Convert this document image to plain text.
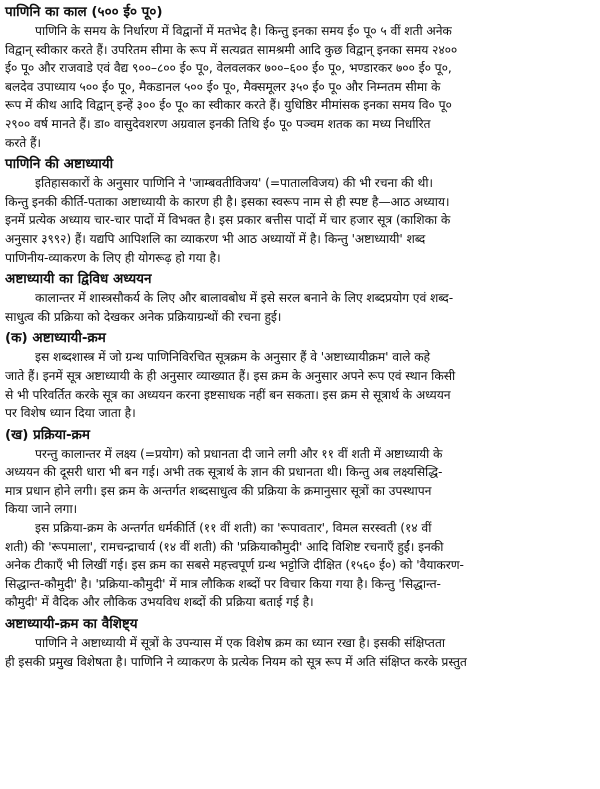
पाणिनि का काल (५०० ई० पू०)

पाणिनि के समय के निर्धारण में विद्वानों में मतभेद है। किन्तु इनका समय ई० पू० ५ वीं शती अनेक
विद्वान् स्वीकार करते हैं। उपरितम सीमा के रूप में सत्यव्रत सामश्रमी आदि कुछ विद्वान् इनका समय २४००
ई० पू० और राजवाडे एवं वैद्य ९००–८०० ई० पू०, वेलवलकर ७००–६०० ई० पू०, भण्डारकर ७०० ई० पू०,
बलदेव उपाध्याय ५०० ई० पू०, मैकडानल ५०० ई० पू०, मैक्समूलर ३५० ई० पू० और निम्नतम सीमा के
रूप में कीथ आदि विद्वान् इन्हें ३०० ई० पू० का स्वीकार करते हैं। युधिष्ठिर मीमांसक इनका समय वि० पू०
२९०० वर्ष मानते हैं। डा० वासुदेवशरण अग्रवाल इनकी तिथि ई० पू० पञ्चम शतक का मध्य निर्धारित
करते हैं।

पाणिनि की अष्टाध्यायी

इतिहासकारों के अनुसार पाणिनि ने 'जाम्बवतीविजय' (=पातालविजय) की भी रचना की थी।
किन्तु इनकी कीर्ति-पताका अष्टाध्यायी के कारण ही है। इसका स्वरूप नाम से ही स्पष्ट है—आठ अध्याय।
इनमें प्रत्येक अध्याय चार-चार पादों में विभक्त है। इस प्रकार बत्तीस पादों में चार हजार सूत्र (काशिका के
अनुसार ३९९२) हैं। यद्यपि आपिशलि का व्याकरण भी आठ अध्यायों में है। किन्तु 'अष्टाध्यायी' शब्द
पाणिनीय-व्याकरण के लिए ही योगरूढ़ हो गया है।

अष्टाध्यायी का द्विविध अध्ययन

कालान्तर में शास्त्रसौकर्य के लिए और बालावबोध में इसे सरल बनाने के लिए शब्दप्रयोग एवं शब्द-
साधुत्व की प्रक्रिया को देखकर अनेक प्रक्रियाग्रन्थों की रचना हुई।

(क) अष्टाध्यायी-क्रम

इस शब्दशास्त्र में जो ग्रन्थ पाणिनिविरचित सूत्रक्रम के अनुसार हैं वे 'अष्टाध्यायीक्रम' वाले कहे
जाते हैं। इनमें सूत्र अष्टाध्यायी के ही अनुसार व्याख्यात हैं। इस क्रम के अनुसार अपने रूप एवं स्थान किसी
से भी परिवर्तित करके सूत्र का अध्ययन करना इष्टसाधक नहीं बन सकता। इस क्रम से सूत्रार्थ के अध्ययन
पर विशेष ध्यान दिया जाता है।

(ख) प्रक्रिया-क्रम

परन्तु कालान्तर में लक्ष्य (=प्रयोग) को प्रधानता दी जाने लगी और ११ वीं शती में अष्टाध्यायी के
अध्ययन की दूसरी धारा भी बन गई। अभी तक सूत्रार्थ के ज्ञान की प्रधानता थी। किन्तु अब लक्ष्यसिद्धि-
मात्र प्रधान होने लगी। इस क्रम के अन्तर्गत शब्दसाधुत्व की प्रक्रिया के क्रमानुसार सूत्रों का उपस्थापन
किया जाने लगा।

इस प्रक्रिया-क्रम के अन्तर्गत धर्मकीर्ति (११ वीं शती) का 'रूपावतार', विमल सरस्वती (१४ वीं
शती) की 'रूपमाला', रामचन्द्राचार्य (१४ वीं शती) की 'प्रक्रियाकौमुदी' आदि विशिष्ट रचनाएँ हुईं। इनकी
अनेक टीकाएँ भी लिखीं गई। इस क्रम का सबसे महत्त्वपूर्ण ग्रन्थ भट्टोजि दीक्षित (१५६० ई०) को 'वैयाकरण-
सिद्धान्त-कौमुदी' है। 'प्रक्रिया-कौमुदी' में मात्र लौकिक शब्दों पर विचार किया गया है। किन्तु 'सिद्धान्त-
कौमुदी' में वैदिक और लौकिक उभयविध शब्दों की प्रक्रिया बताई गई है।

अष्टाध्यायी-क्रम का वैशिष्ट्य

पाणिनि ने अष्टाध्यायी में सूत्रों के उपन्यास में एक विशेष क्रम का ध्यान रखा है। इसकी संक्षिप्तता
ही इसकी प्रमुख विशेषता है। पाणिनि ने व्याकरण के प्रत्येक नियम को सूत्र रूप में अति संक्षिप्त करके प्रस्तुत
